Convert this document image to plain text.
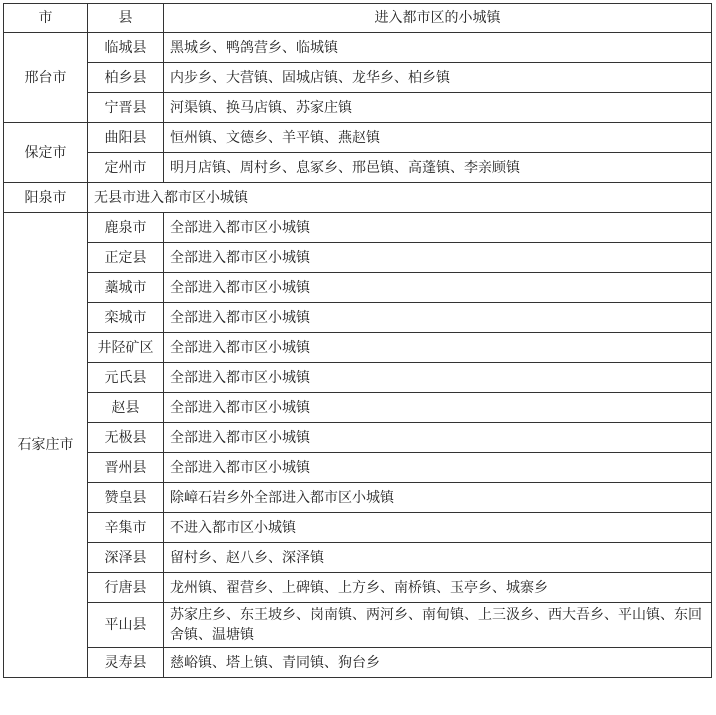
市	县	进入都市区的小城镇
邢台市	临城县	黑城乡、鸭鸽营乡、临城镇
	柏乡县	内步乡、大营镇、固城店镇、龙华乡、柏乡镇
	宁晋县	河渠镇、换马店镇、苏家庄镇
保定市	曲阳县	恒州镇、文德乡、羊平镇、燕赵镇
	定州市	明月店镇、周村乡、息冢乡、邢邑镇、高蓬镇、李亲顾镇
阳泉市	无县市进入都市区小城镇	
石家庄市	鹿泉市	全部进入都市区小城镇
	正定县	全部进入都市区小城镇
	藁城市	全部进入都市区小城镇
	栾城市	全部进入都市区小城镇
	井陉矿区	全部进入都市区小城镇
	元氏县	全部进入都市区小城镇
	赵县	全部进入都市区小城镇
	无极县	全部进入都市区小城镇
	晋州县	全部进入都市区小城镇
	赞皇县	除嶂石岩乡外全部进入都市区小城镇
	辛集市	不进入都市区小城镇
	深泽县	留村乡、赵八乡、深泽镇
	行唐县	龙州镇、翟营乡、上碑镇、上方乡、南桥镇、玉亭乡、城寨乡
	平山县	苏家庄乡、东王坡乡、岗南镇、两河乡、南甸镇、上三汲乡、西大吾乡、平山镇、东回舍镇、温塘镇
	灵寿县	慈峪镇、塔上镇、青同镇、狗台乡
